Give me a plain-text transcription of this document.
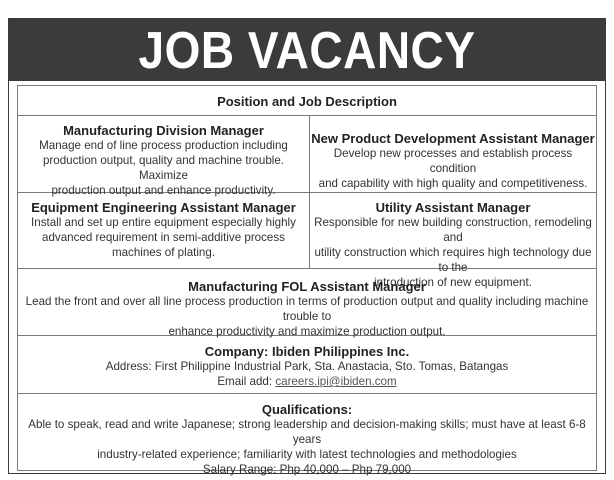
JOB VACANCY
Position and Job Description
Manufacturing Division Manager
Manage end of line process production including
production output, quality and machine trouble. Maximize
production output and enhance productivity.
New Product Development Assistant Manager
Develop new processes and establish process condition
and capability with high quality and competitiveness.
Equipment Engineering Assistant Manager
Install and set up entire equipment especially highly
advanced requirement in semi-additive process
machines of plating.
Utility Assistant Manager
Responsible for new building construction, remodeling and
utility construction which requires high technology due to the
introduction of new equipment.
Manufacturing FOL Assistant Manager
Lead the front and over all line process production in terms of production output and quality including machine trouble to
enhance productivity and maximize production output.
Company: Ibiden Philippines Inc.
Address: First Philippine Industrial Park, Sta. Anastacia, Sto. Tomas, Batangas
Email add: careers.ipi@ibiden.com
Qualifications:
Able to speak, read and write Japanese; strong leadership and decision-making skills; must have at least 6-8 years
industry-related experience; familiarity with latest technologies and methodologies
Salary Range: Php 40,000 – Php 79,000
